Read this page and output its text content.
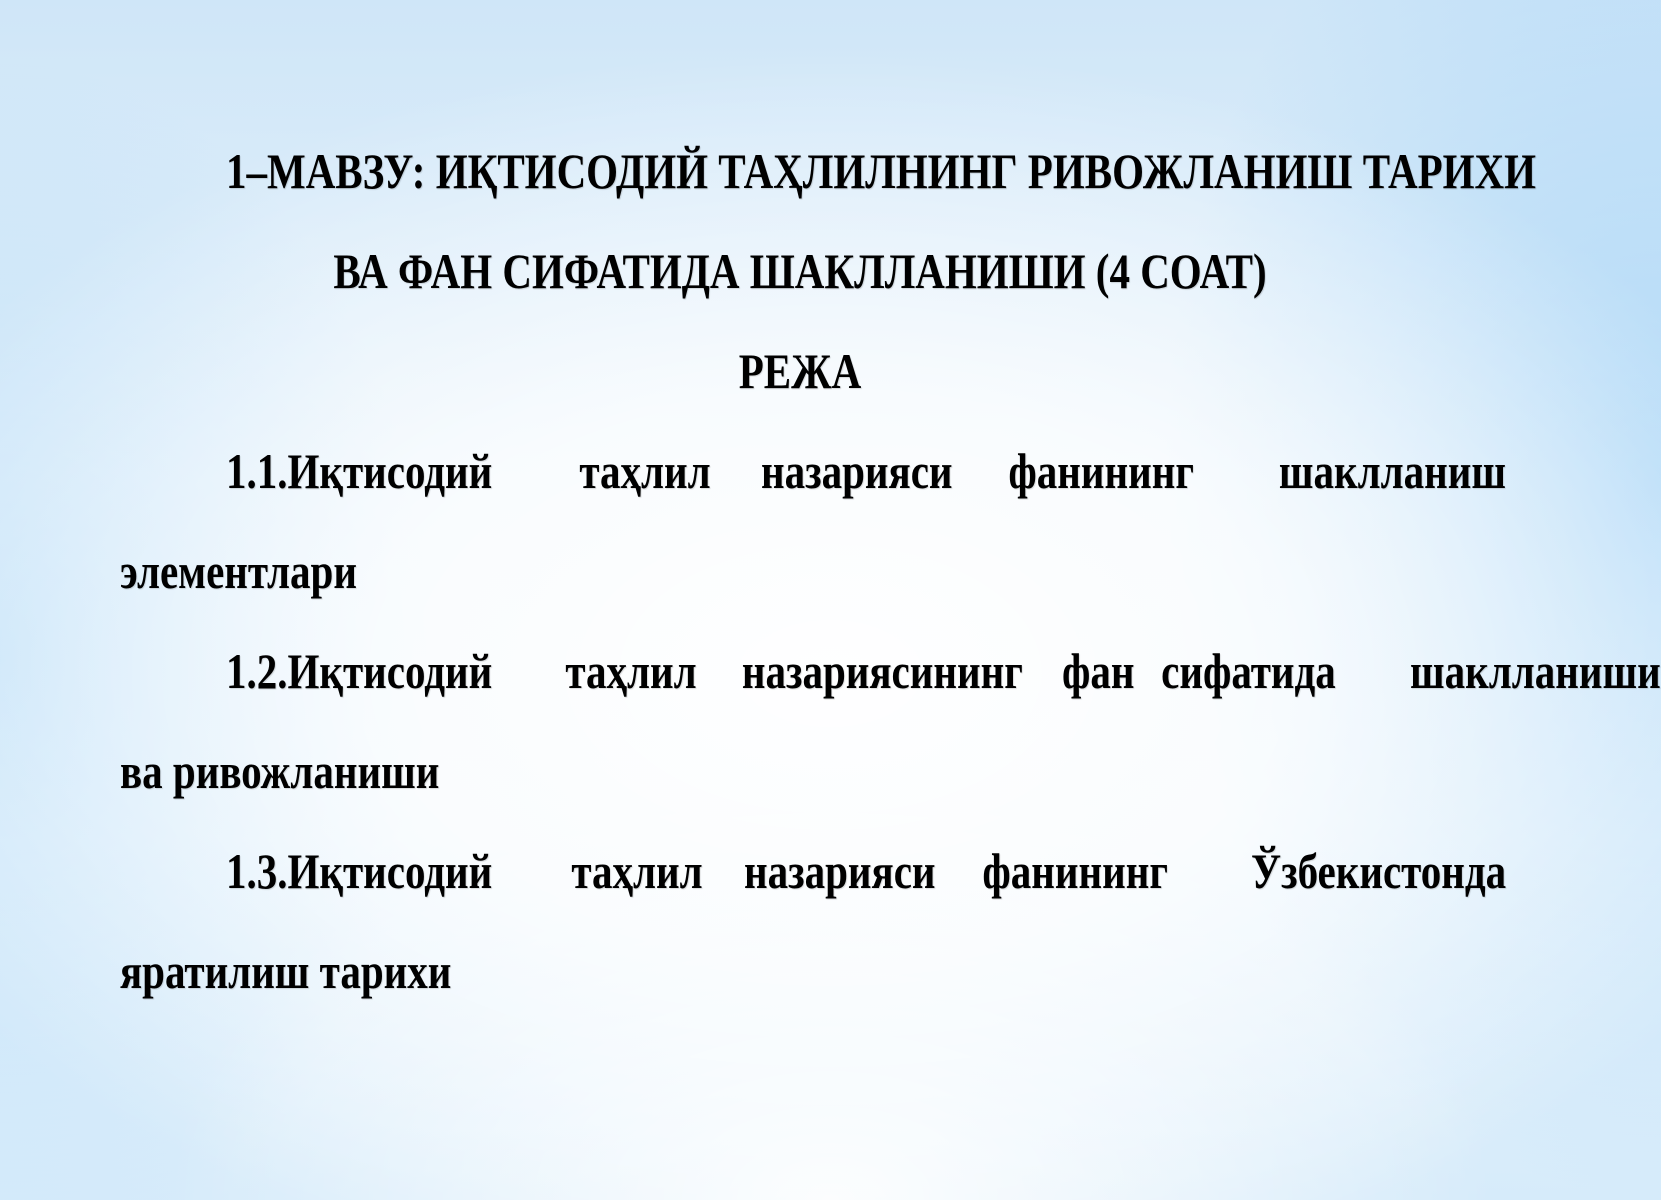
1–МАВЗУ: ИҚТИСОДИЙ ТАҲЛИЛНИНГ РИВОЖЛАНИШ ТАРИХИ
ВА ФАН СИФАТИДА ШАКЛЛАНИШИ (4 СОАТ)
РЕЖА
1.1.Иқтисодий таҳлил назарияси фанининг шаклланиш
элементлари
1.2.Иқтисодий таҳлил назариясининг фан сифатида шаклланиши
ва ривожланиши
1.3.Иқтисодий таҳлил назарияси фанининг Ўзбекистонда
яратилиш тарихи
